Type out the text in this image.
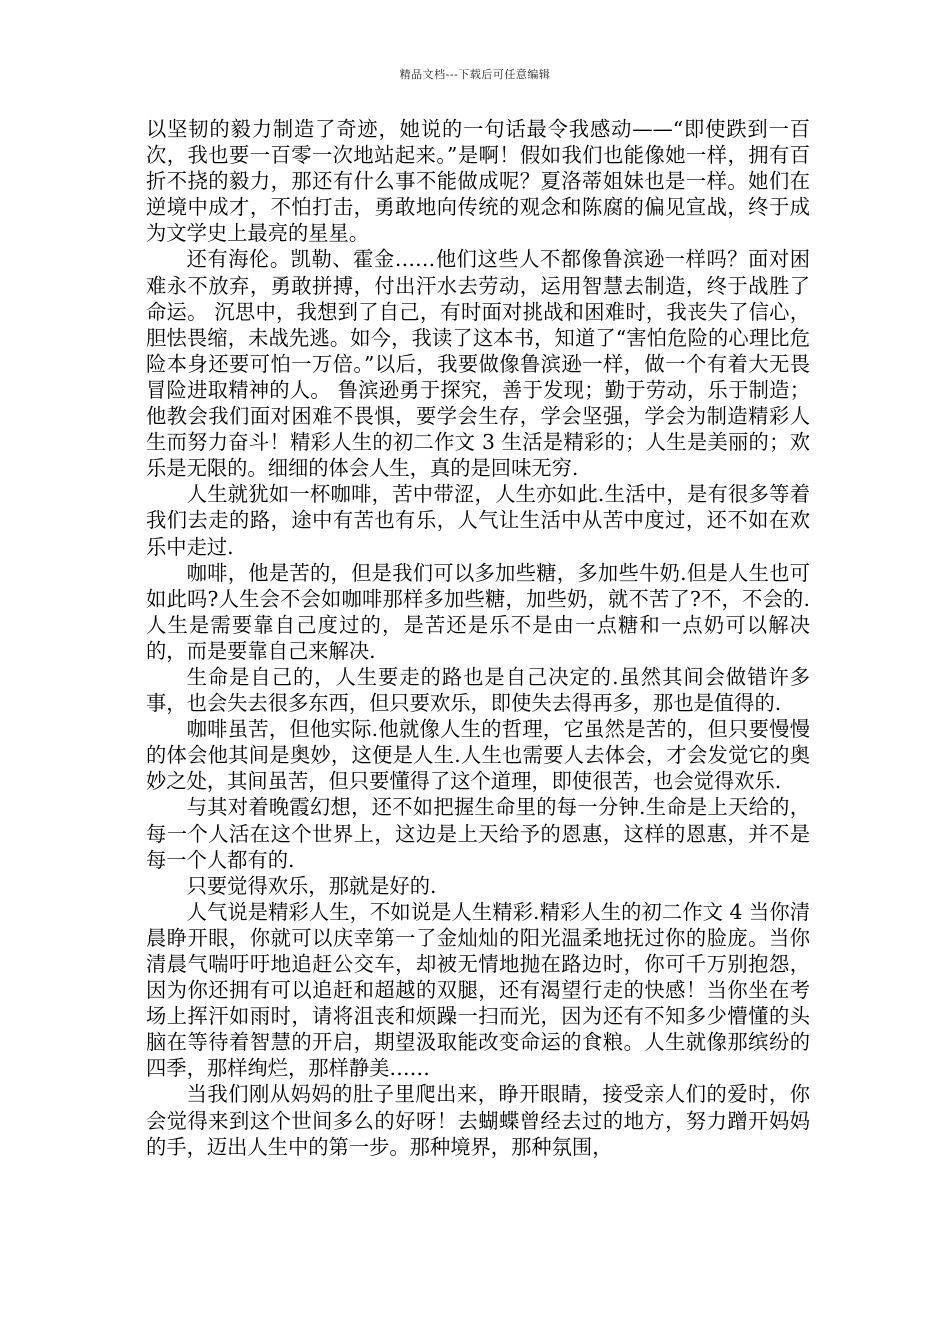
精品文档---下载后可任意编辑

以坚韧的毅力制造了奇迹，她说的一句话最令我感动——“即使跌到一百次，我也要一百零一次地站起来。”是啊！假如我们也能像她一样，拥有百折不挠的毅力，那还有什么事不能做成呢？夏洛蒂姐妹也是一样。她们在逆境中成才，不怕打击，勇敢地向传统的观念和陈腐的偏见宣战，终于成为文学史上最亮的星星。

还有海伦。凯勒、霍金……他们这些人不都像鲁滨逊一样吗？面对困难永不放弃，勇敢拼搏，付出汗水去劳动，运用智慧去制造，终于战胜了命运。 沉思中，我想到了自己，有时面对挑战和困难时，我丧失了信心，胆怯畏缩，未战先逃。如今，我读了这本书，知道了“害怕危险的心理比危险本身还要可怕一万倍。”以后，我要做像鲁滨逊一样，做一个有着大无畏冒险进取精神的人。 鲁滨逊勇于探究，善于发现；勤于劳动，乐于制造；他教会我们面对困难不畏惧，要学会生存，学会坚强，学会为制造精彩人生而努力奋斗！精彩人生的初二作文 3 生活是精彩的；人生是美丽的；欢乐是无限的。细细的体会人生，真的是回味无穷.

人生就犹如一杯咖啡，苦中带涩，人生亦如此.生活中，是有很多等着我们去走的路，途中有苦也有乐，人气让生活中从苦中度过，还不如在欢乐中走过.

咖啡，他是苦的，但是我们可以多加些糖，多加些牛奶.但是人生也可如此吗?人生会不会如咖啡那样多加些糖，加些奶，就不苦了?不，不会的.人生是需要靠自己度过的，是苦还是乐不是由一点糖和一点奶可以解决的，而是要靠自己来解决.

生命是自己的，人生要走的路也是自己决定的.虽然其间会做错许多事，也会失去很多东西，但只要欢乐，即使失去得再多，那也是值得的.

咖啡虽苦，但他实际.他就像人生的哲理，它虽然是苦的，但只要慢慢的体会他其间是奥妙，这便是人生.人生也需要人去体会，才会发觉它的奥妙之处，其间虽苦，但只要懂得了这个道理，即使很苦，也会觉得欢乐.

与其对着晚霞幻想，还不如把握生命里的每一分钟.生命是上天给的，每一个人活在这个世界上，这边是上天给予的恩惠，这样的恩惠，并不是每一个人都有的.

只要觉得欢乐，那就是好的.

人气说是精彩人生，不如说是人生精彩.精彩人生的初二作文 4 当你清晨睁开眼，你就可以庆幸第一了金灿灿的阳光温柔地抚过你的脸庞。当你清晨气喘吁吁地追赶公交车，却被无情地抛在路边时，你可千万别抱怨，因为你还拥有可以追赶和超越的双腿，还有渴望行走的快感！当你坐在考场上挥汗如雨时，请将沮丧和烦躁一扫而光，因为还有不知多少懵懂的头脑在等待着智慧的开启，期望汲取能改变命运的食粮。人生就像那缤纷的四季，那样绚烂，那样静美……

当我们刚从妈妈的肚子里爬出来，睁开眼睛，接受亲人们的爱时，你会觉得来到这个世间多么的好呀！去蝴蝶曾经去过的地方，努力蹭开妈妈的手，迈出人生中的第一步。那种境界，那种氛围，
